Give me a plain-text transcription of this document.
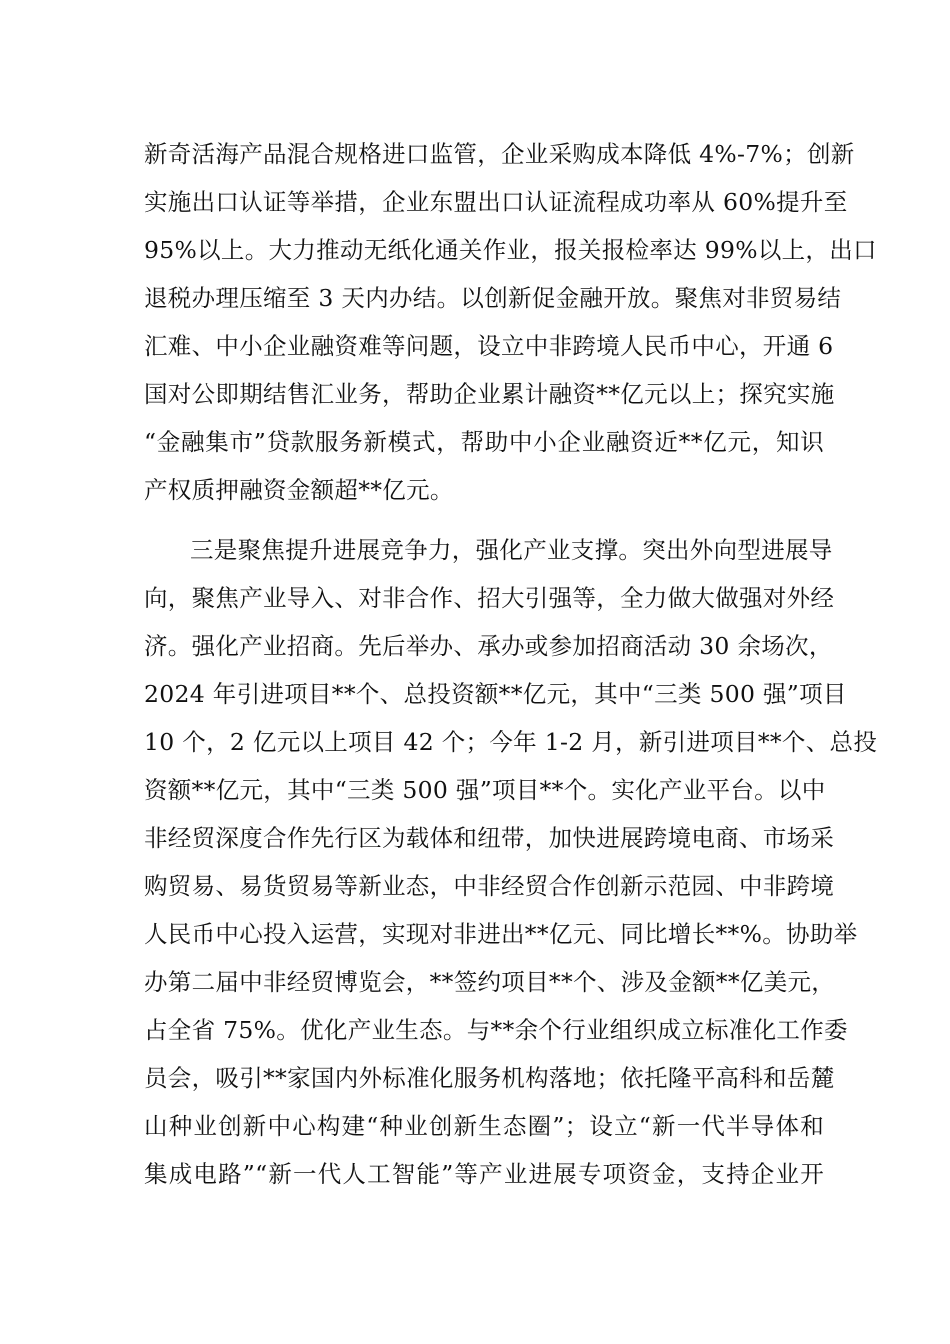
新奇活海产品混合规格进口监管，企业采购成本降低 4%-7%；创新
实施出口认证等举措，企业东盟出口认证流程成功率从 60%提升至
95%以上。大力推动无纸化通关作业，报关报检率达 99%以上，出口
退税办理压缩至 3 天内办结。以创新促金融开放。聚焦对非贸易结
汇难、中小企业融资难等问题，设立中非跨境人民币中心，开通 6
国对公即期结售汇业务，帮助企业累计融资**亿元以上；探究实施
“金融集市”贷款服务新模式，帮助中小企业融资近**亿元，知识
产权质押融资金额超**亿元。
三是聚焦提升进展竞争力，强化产业支撑。突出外向型进展导
向，聚焦产业导入、对非合作、招大引强等，全力做大做强对外经
济。强化产业招商。先后举办、承办或参加招商活动 30 余场次，
2024 年引进项目**个、总投资额**亿元，其中“三类 500 强”项目
10 个，2 亿元以上项目 42 个；今年 1-2 月，新引进项目**个、总投
资额**亿元，其中“三类 500 强”项目**个。实化产业平台。以中
非经贸深度合作先行区为载体和纽带，加快进展跨境电商、市场采
购贸易、易货贸易等新业态，中非经贸合作创新示范园、中非跨境
人民币中心投入运营，实现对非进出**亿元、同比增长**%。协助举
办第二届中非经贸博览会，**签约项目**个、涉及金额**亿美元，
占全省 75%。优化产业生态。与**余个行业组织成立标准化工作委
员会，吸引**家国内外标准化服务机构落地；依托隆平高科和岳麓
山种业创新中心构建“种业创新生态圈”；设立“新一代半导体和
集成电路”“新一代人工智能”等产业进展专项资金，支持企业开
